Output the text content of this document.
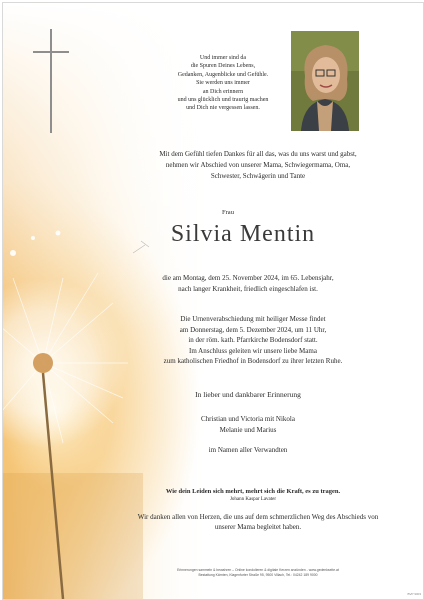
Und immer sind da
die Spuren Deines Lebens,
Gedanken, Augenblicke und Gefühle.
Sie werden uns immer
an Dich erinnern
und uns glücklich und traurig machen
und Dich nie vergessen lassen.
Mit dem Gefühl tiefen Dankes für all das, was du uns warst und gabst,
nehmen wir Abschied von unserer Mama, Schwiegermama, Oma,
Schwester, Schwägerin und Tante
Frau
Silvia Mentin
die am Montag, dem 25. November 2024, im 65. Lebensjahr,
nach langer Krankheit, friedlich eingeschlafen ist.
Die Urnenverabschiedung mit heiliger Messe findet
am Donnerstag, dem 5. Dezember 2024, um 11 Uhr,
in der röm. kath. Pfarrkirche Bodensdorf statt.
Im Anschluss geleiten wir unsere liebe Mama
zum katholischen Friedhof in Bodensdorf zu ihrer letzten Ruhe.
In lieber und dankbarer Erinnerung
Christian und Victoria mit Nikola
Melanie und Marius
im Namen aller Verwandten
Wie dein Leiden sich mehrt, mehrt sich die Kraft, es zu tragen.
Johann Kaspar Lavater
Wir danken allen von Herzen, die uns auf dem schmerzlichen Weg des Abschieds von
unserer Mama begleitet haben.
Erinnerungen sammeln & bewahren – Online kondolieren & digitale Kerzen anzünden - www.gedenkseite.at
Bestattung Kärnten, Klagenfurter Straße 95, 9500 Villach, Tel.: 04242 189 9000
BVP 9003
